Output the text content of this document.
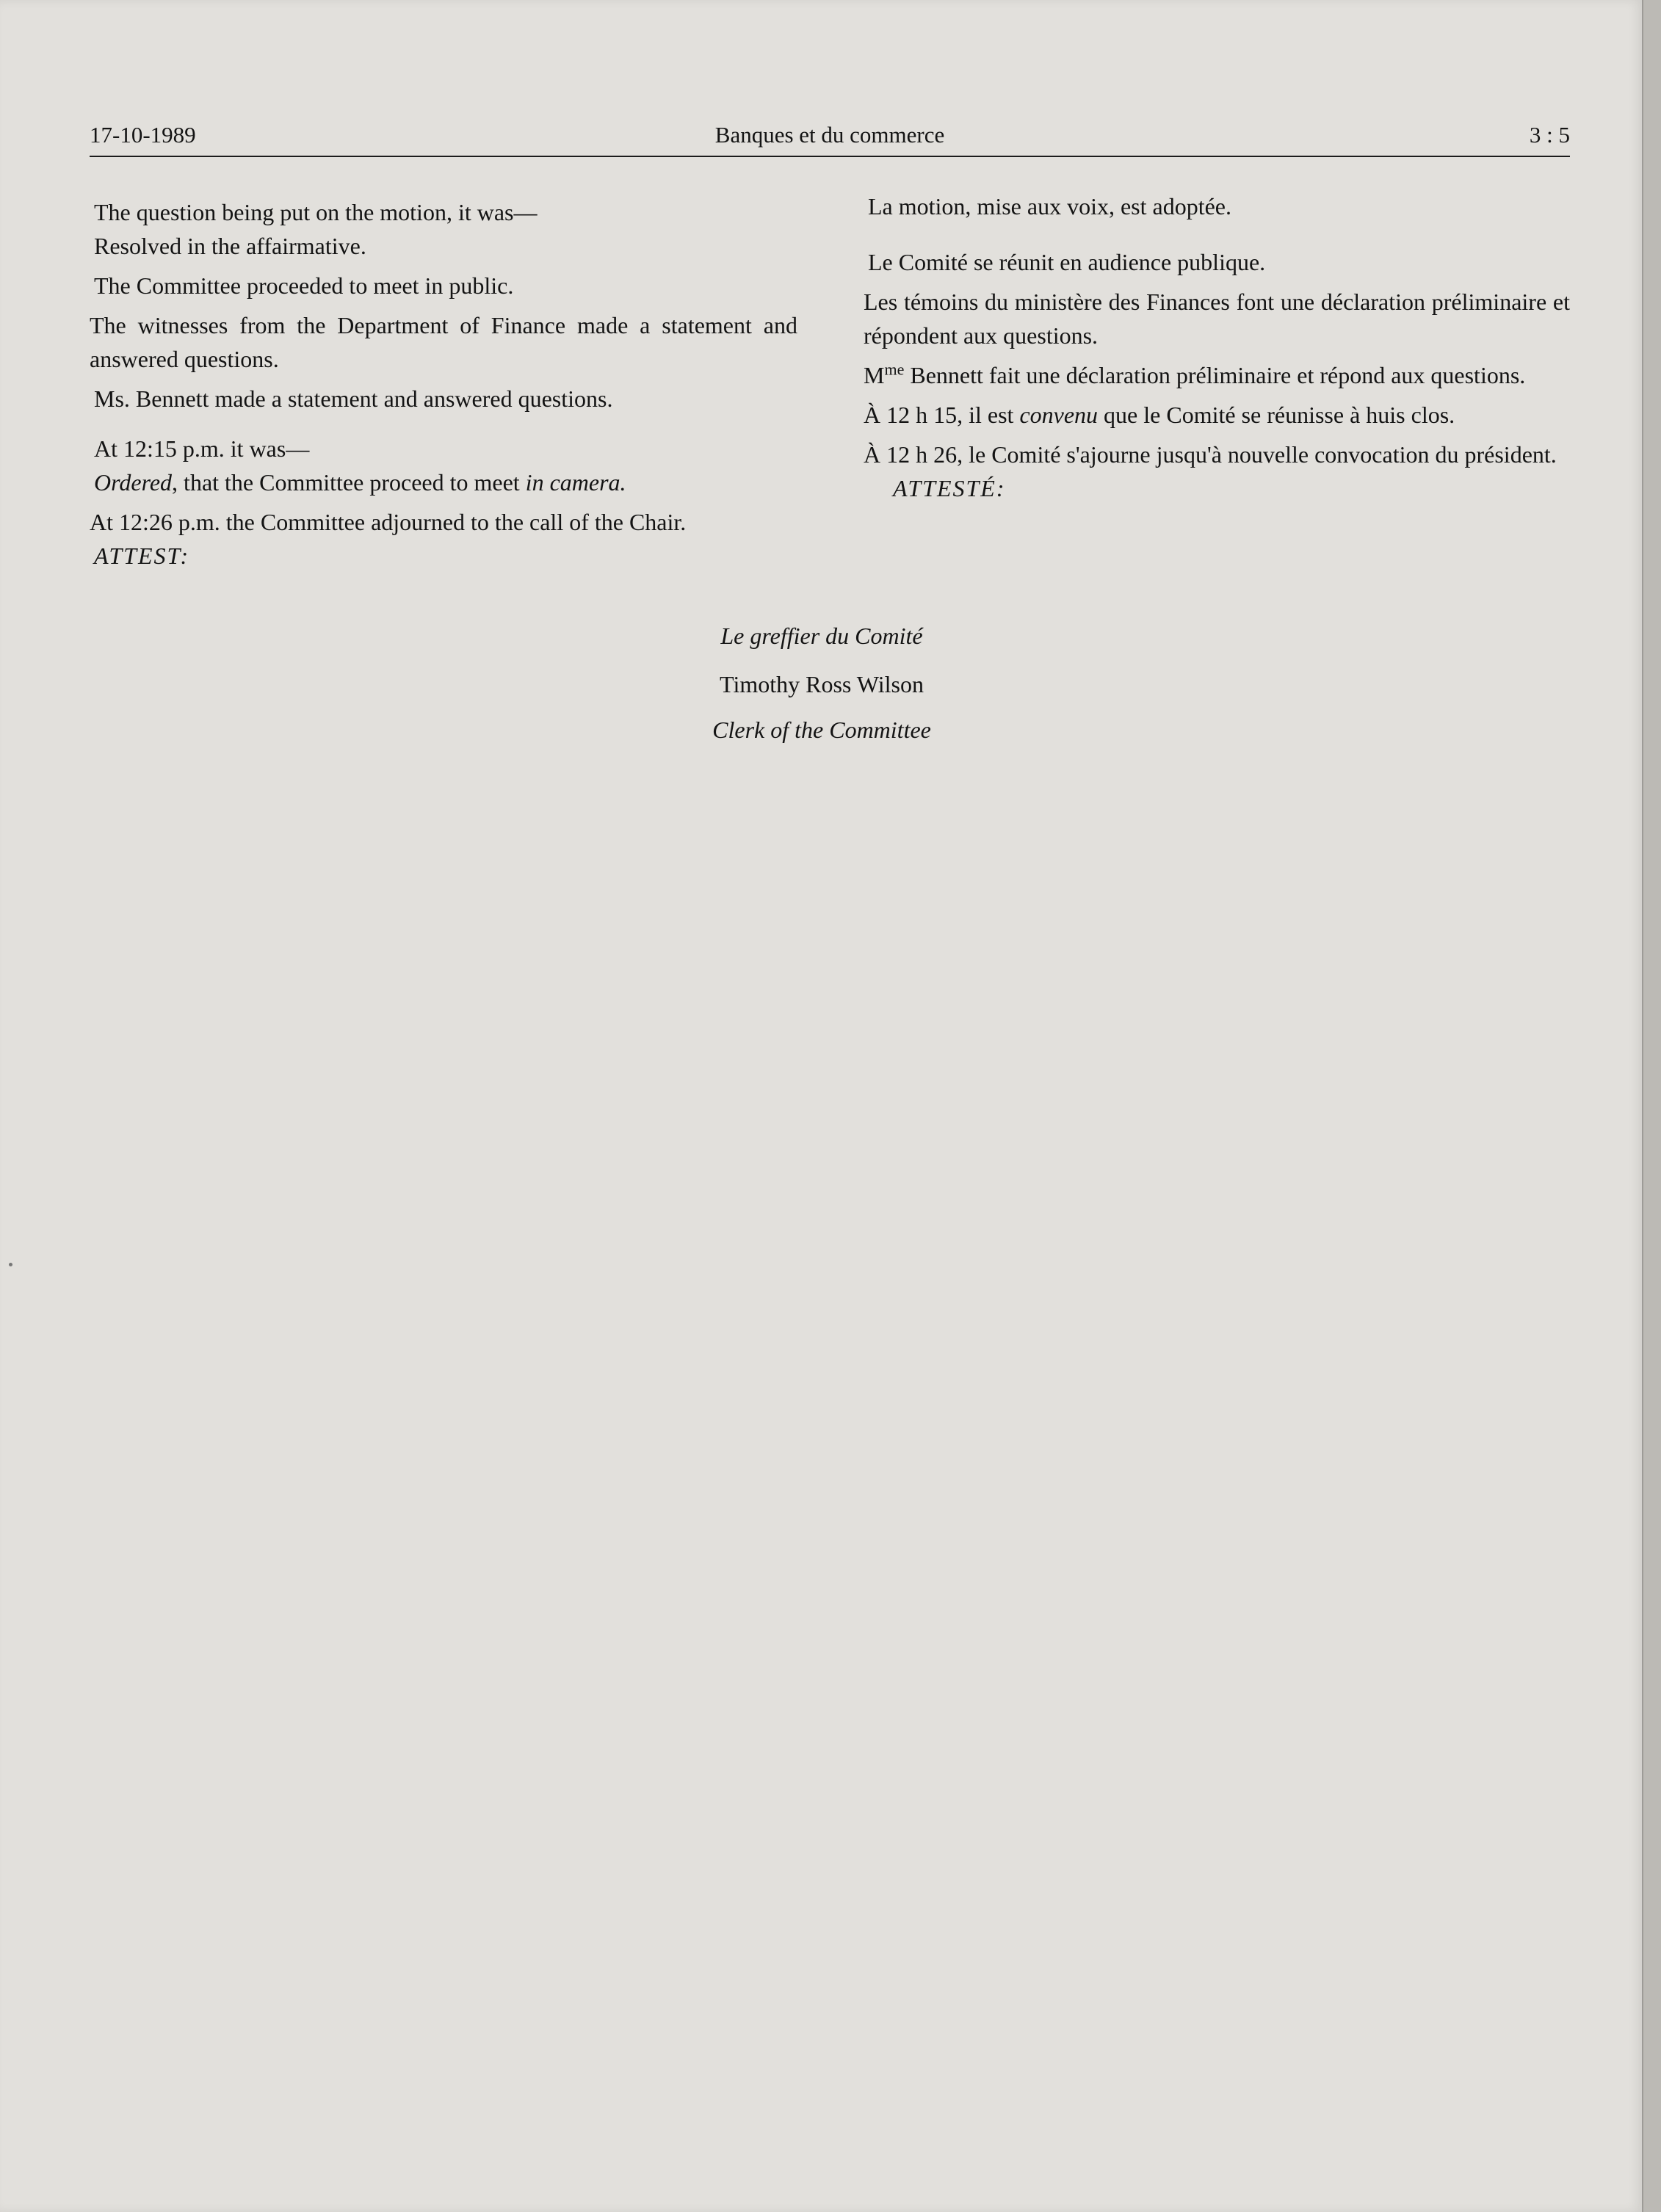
17-10-1989	Banques et du commerce	3 : 5

The question being put on the motion, it was—

Resolved in the affairmative.

The Committee proceeded to meet in public.

The witnesses from the Department of Finance made a statement and answered questions.

Ms. Bennett made a statement and answered questions.

At 12:15 p.m. it was—

Ordered, that the Committee proceed to meet in camera.

At 12:26 p.m. the Committee adjourned to the call of the Chair.

ATTEST:

La motion, mise aux voix, est adoptée.

Le Comité se réunit en audience publique.

Les témoins du ministère des Finances font une déclaration préliminaire et répondent aux questions.

$M^{me}$ Bennett fait une déclaration préliminaire et répond aux questions.

À 12 h 15, il est convenu que le Comité se réunisse à huis clos.

À 12 h 26, le Comité s'ajourne jusqu'à nouvelle convocation du président.

ATTESTÉ:

Le greffier du Comité
Timothy Ross Wilson
Clerk of the Committee
